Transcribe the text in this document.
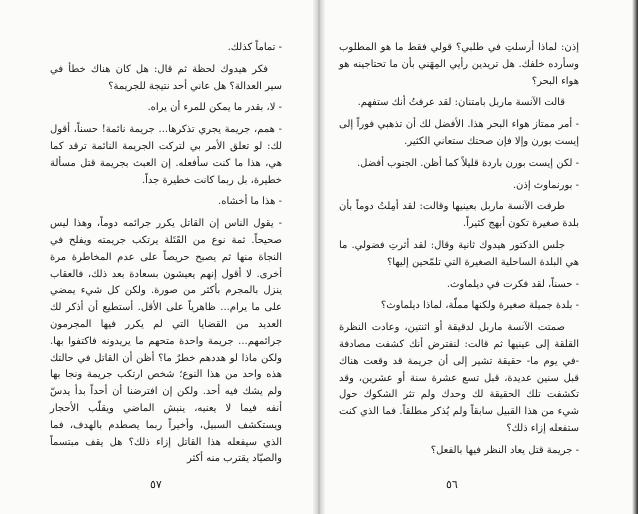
- تماماً كذلك.

فكر هيدوك لحظة ثم قال: هل كان هناك خطأ في سير العدالة؟ هل عاني أحد نتيجة للجريمة؟

- لا، بقدر ما يمكن للمرء أن يراه.

- همم، جريمة يجري تذكرها... جريمة نائمة! حسناً، أقول لك: لو تعلق الأمر بي لتركت الجريمة النائمة ترقد كما هي، هذا ما كنت سأفعله. إن العبث بجريمة قتل مسألة خطيرة، بل ربما كانت خطيرة جداً.

- هذا ما أخشاه.

- يقول الناس إن القاتل يكرر جرائمه دوماً، وهذا ليس صحيحاً. ثمة نوع من القَتَلة يرتكب جريمته ويفلح في النجاة منها ثم يصبح حريصاً على عدم المخاطرة مرة أخرى. لا أقول إنهم يعيشون بسعادة بعد ذلك، فالعقاب ينزل بالمجرم بأكثر من صورة. ولكن كل شيء يمضي على ما يرام... ظاهرياً على الأقل. أستطيع أن أذكر لك العديد من القضايا التي لم يكرر فيها المجرمون جرائمهم... جريمة واحدة متحهم ما يريدونه فاكتفوا بها. ولكن ماذا لو هددهم خطرٌ ما؟ أظن أن القاتل في حالتك هذه واحد من هذا النوع؛ شخص ارتكب جريمة ونجا بها ولم يشك فيه أحد. ولكن إن افترضنا أن أحداً بدأ يدسّ أنفه فيما لا يعنيه، ينبش الماضي ويقلّب الأحجار ويستكشف السبيل، وأخيراً ربما يصطدم بالهدف، فما الذي سيفعله هذا القاتل إزاء ذلك؟ هل يقف مبتسماً والصيّاد يقترب منه أكثر

٥٧

إذن: لماذا أرسلتِ في طلبي؟ قولي فقط ما هو المطلوب وسأرده خلفك. هل تريدين رأيي المِهَني بأن ما تحتاجينه هو هواء البحر؟

قالت الآنسة ماربل بامتنان: لقد عرفتُ أنك ستفهم.

- أمر ممتاز هواء البحر هذا. الأفضل لك أن تذهبي فوراً إلى إيست بورن وإلا فإن صحتك ستعاني الكثير.

- لكن إيست بورن باردة قليلاً كما أظن. الجنوب أفضل.

- بورنماوث إذن.

طرفت الآنسة ماربل بعينيها وقالت: لقد أمِلتُ دوماً بأن بلدة صغيرة تكون أبهج كثيراً.

جلس الدكتور هيدوك ثانية وقال: لقد أثرتِ فضولي. ما هي البلدة الساحلية الصغيرة التي تلمّحين إليها؟

- حسناً، لقد فكرت في ديلماوث.

- بلدة جميلة صغيرة ولكنها مملّة، لماذا ديلماوث؟

صمتت الآنسة ماربل لدقيقة أو اثنتين، وعادت النظرة القلقة إلى عينيها ثم قالت: لنفترض أنك كشفت مصادفة -في يوم ما- حقيقة تشير إلى أن جريمة قد وقعت هناك قبل سنين عديدة، قبل تسع عشرة سنة أو عشرين، وقد تكشفت تلك الحقيقة لك وحدك ولم تثر الشكوك حول شيء من هذا القبيل سابقاً ولم يُذكر مطلقاً. فما الذي كنت ستفعله إزاء ذلك؟

- جريمة قتل يعاد النظر فيها بالفعل؟

٥٦
